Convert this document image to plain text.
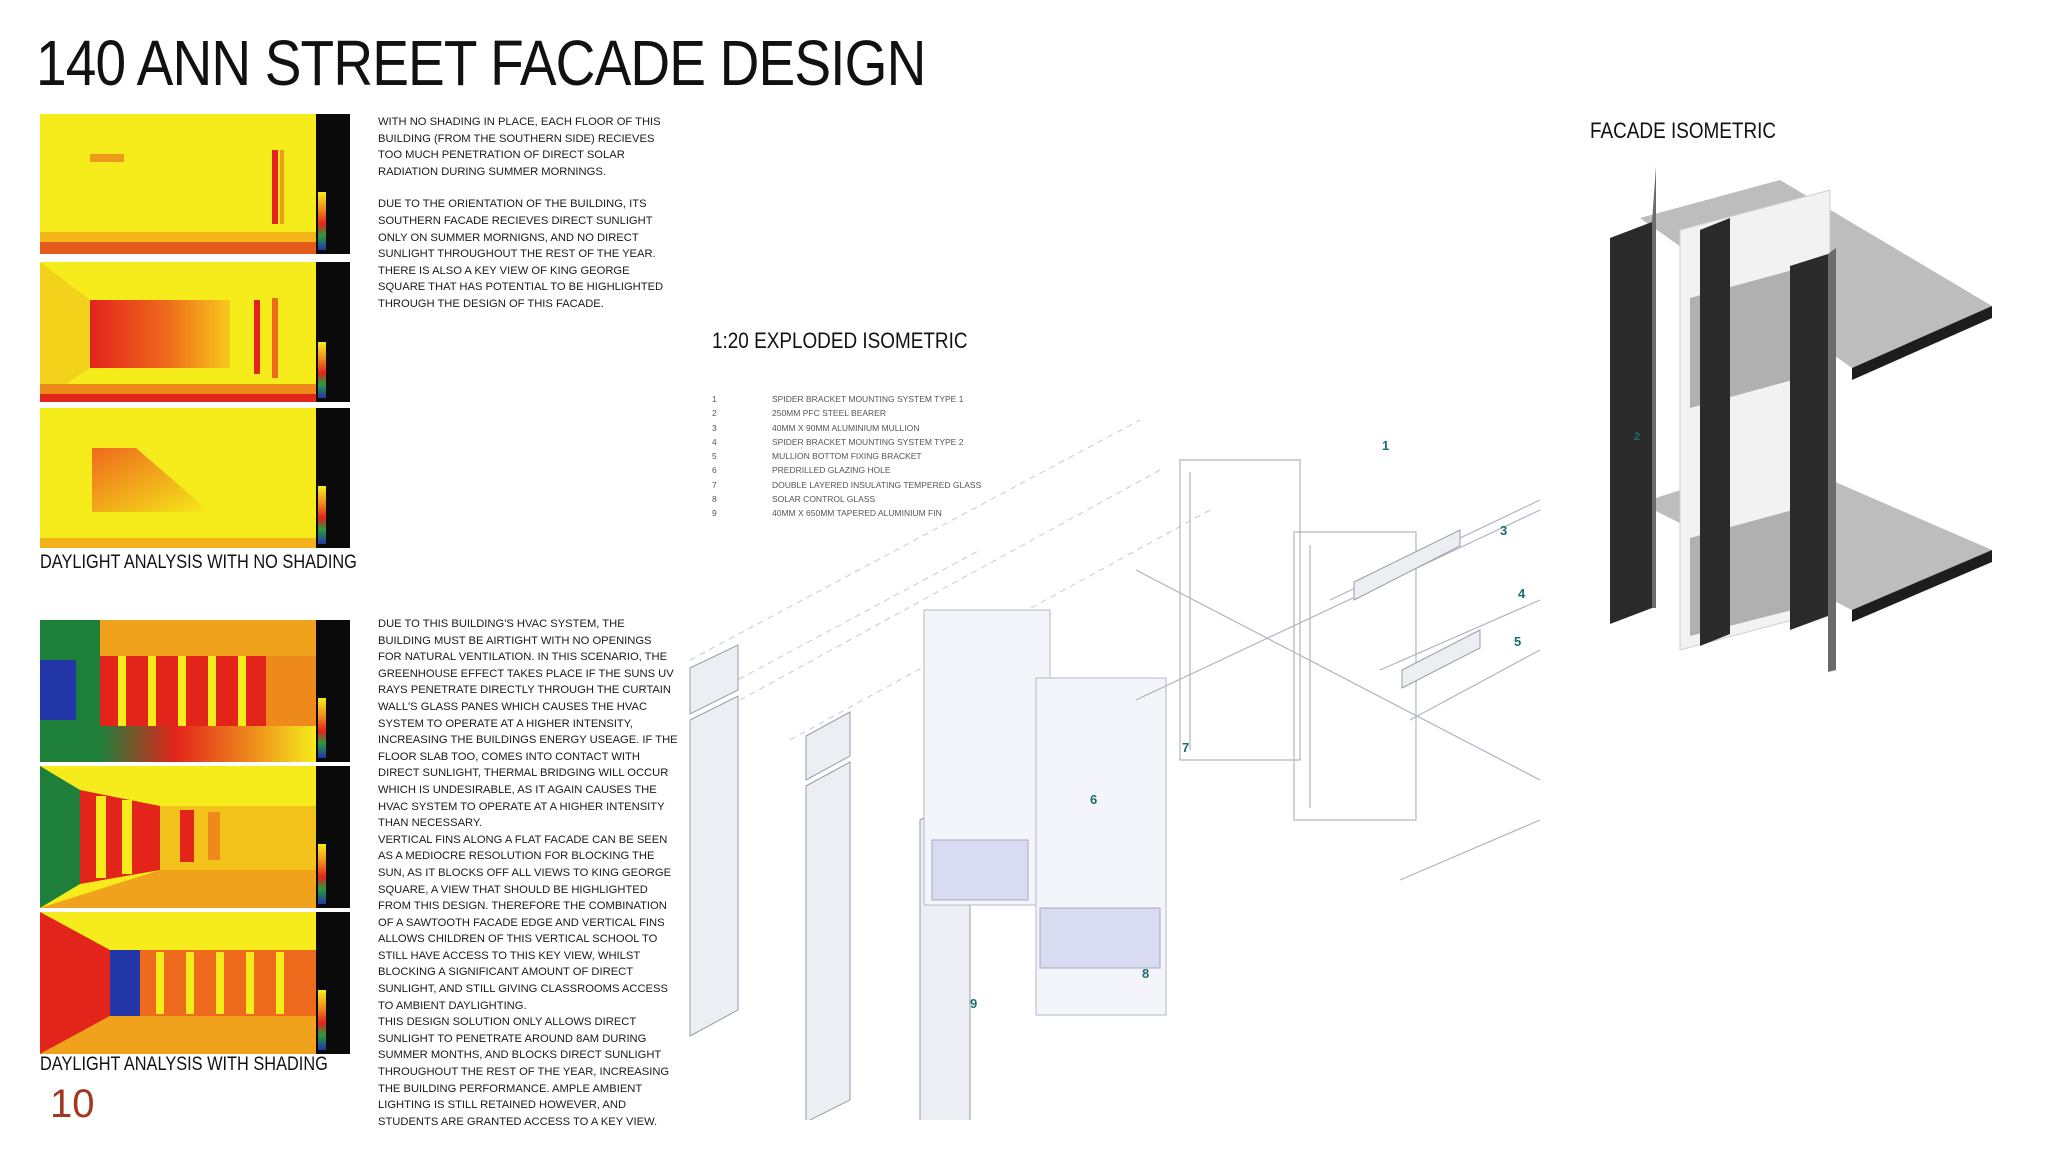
140 ANN STREET FACADE DESIGN
DAYLIGHT ANALYSIS WITH NO SHADING

WITH NO SHADING IN PLACE, EACH FLOOR OF THIS BUILDING (FROM THE SOUTHERN SIDE) RECIEVES TOO MUCH PENETRATION OF DIRECT SOLAR RADIATION DURING SUMMER MORNINGS.

DUE TO THE ORIENTATION OF THE BUILDING, ITS SOUTHERN FACADE RECIEVES DIRECT SUNLIGHT ONLY ON SUMMER MORNIGNS, AND NO DIRECT SUNLIGHT THROUGHOUT THE REST OF THE YEAR. THERE IS ALSO A KEY VIEW OF KING GEORGE SQUARE THAT HAS POTENTIAL TO BE HIGHLIGHTED THROUGH THE DESIGN OF THIS FACADE.

DAYLIGHT ANALYSIS WITH SHADING

DUE TO THIS BUILDING'S HVAC SYSTEM, THE BUILDING MUST BE AIRTIGHT WITH NO OPENINGS FOR NATURAL VENTILATION. IN THIS SCENARIO, THE GREENHOUSE EFFECT TAKES PLACE IF THE SUNS UV RAYS PENETRATE DIRECTLY THROUGH THE CURTAIN WALL'S GLASS PANES WHICH CAUSES THE HVAC SYSTEM TO OPERATE AT A HIGHER INTENSITY, INCREASING THE BUILDINGS ENERGY USEAGE. IF THE FLOOR SLAB TOO, COMES INTO CONTACT WITH DIRECT SUNLIGHT, THERMAL BRIDGING WILL OCCUR WHICH IS UNDESIRABLE, AS IT AGAIN CAUSES THE HVAC SYSTEM TO OPERATE AT A HIGHER INTENSITY THAN NECESSARY.

VERTICAL FINS ALONG A FLAT FACADE CAN BE SEEN AS A MEDIOCRE RESOLUTION FOR BLOCKING THE SUN, AS IT BLOCKS OFF ALL VIEWS TO KING GEORGE SQUARE, A VIEW THAT SHOULD BE HIGHLIGHTED FROM THIS DESIGN. THEREFORE THE COMBINATION OF A SAWTOOTH FACADE EDGE AND VERTICAL FINS ALLOWS CHILDREN OF THIS VERTICAL SCHOOL TO STILL HAVE ACCESS TO THIS KEY VIEW, WHILST BLOCKING A SIGNIFICANT AMOUNT OF DIRECT SUNLIGHT, AND STILL GIVING CLASSROOMS ACCESS TO AMBIENT DAYLIGHTING.

THIS DESIGN SOLUTION ONLY ALLOWS DIRECT SUNLIGHT TO PENETRATE AROUND 8AM DURING SUMMER MONTHS, AND BLOCKS DIRECT SUNLIGHT THROUGHOUT THE REST OF THE YEAR, INCREASING THE BUILDING PERFORMANCE. AMPLE AMBIENT LIGHTING IS STILL RETAINED HOWEVER, AND STUDENTS ARE GRANTED ACCESS TO A KEY VIEW.

10
1:20 EXPLODED ISOMETRIC
1	SPIDER BRACKET MOUNTING SYSTEM TYPE 1
2	250MM PFC STEEL BEARER
3	40MM X 90MM ALUMINIUM MULLION
4	SPIDER BRACKET MOUNTING SYSTEM TYPE 2
5	MULLION BOTTOM FIXING BRACKET
6	PREDRILLED GLAZING HOLE
7	DOUBLE LAYERED INSULATING TEMPERED GLASS
8	SOLAR CONTROL GLASS
9	40MM X 650MM TAPERED ALUMINIUM FIN
1
3
4
5
6
7
8
9
FACADE ISOMETRIC
2
